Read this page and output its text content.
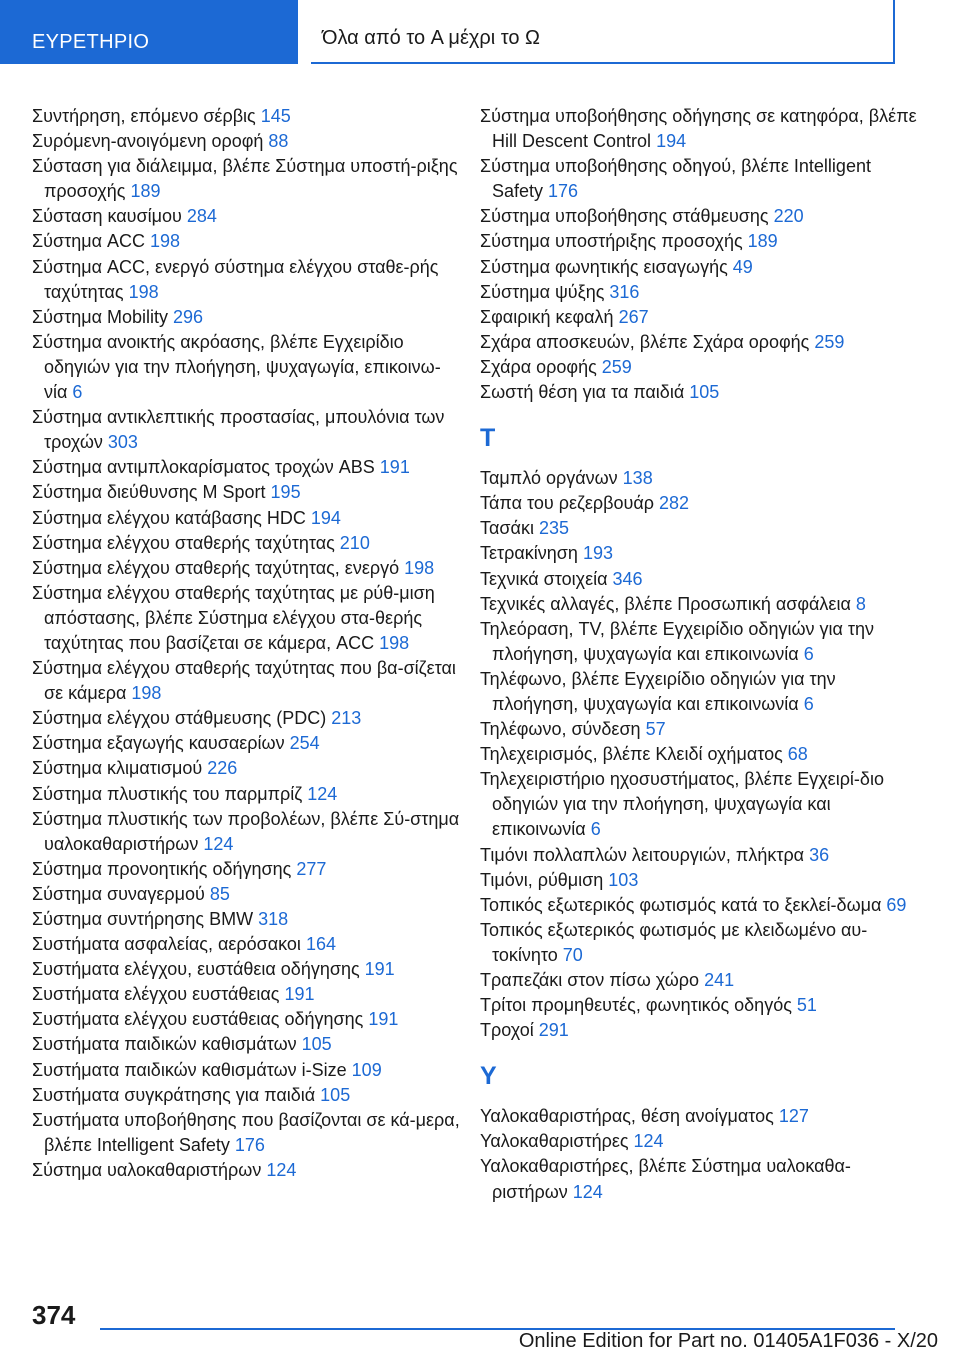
ΕΥΡΕΤΗΡΙΟ	Όλα από το A μέχρι το Ω

Συντήρηση, επόμενο σέρβις 145

Συρόμενη-ανοιγόμενη οροφή 88

Σύσταση για διάλειμμα, βλέπε Σύστημα υποστή‐ριξης προσοχής 189

Σύσταση καυσίμου 284

Σύστημα ACC 198

Σύστημα ACC, ενεργό σύστημα ελέγχου σταθε‐ρής ταχύτητας 198

Σύστημα Mobility 296

Σύστημα ανοικτής ακρόασης, βλέπε Εγχειρίδιο οδηγιών για την πλοήγηση, ψυχαγωγία, επικοινω‐νία 6

Σύστημα αντικλεπτικής προστασίας, μπουλόνια των τροχών 303

Σύστημα αντιμπλοκαρίσματος τροχών ABS 191

Σύστημα διεύθυνσης M Sport 195

Σύστημα ελέγχου κατάβασης HDC 194

Σύστημα ελέγχου σταθερής ταχύτητας 210

Σύστημα ελέγχου σταθερής ταχύτητας, ενεργό 198

Σύστημα ελέγχου σταθερής ταχύτητας με ρύθ‐μιση απόστασης, βλέπε Σύστημα ελέγχου στα‐θερής ταχύτητας που βασίζεται σε κάμερα, ACC 198

Σύστημα ελέγχου σταθερής ταχύτητας που βα‐σίζεται σε κάμερα 198

Σύστημα ελέγχου στάθμευσης (PDC) 213

Σύστημα εξαγωγής καυσαερίων 254

Σύστημα κλιματισμού 226

Σύστημα πλυστικής του παρμπρίζ 124

Σύστημα πλυστικής των προβολέων, βλέπε Σύ‐στημα υαλοκαθαριστήρων 124

Σύστημα προνοητικής οδήγησης 277

Σύστημα συναγερμού 85

Σύστημα συντήρησης BMW 318

Συστήματα ασφαλείας, αερόσακοι 164

Συστήματα ελέγχου, ευστάθεια οδήγησης 191

Συστήματα ελέγχου ευστάθειας 191

Συστήματα ελέγχου ευστάθειας οδήγησης 191

Συστήματα παιδικών καθισμάτων 105

Συστήματα παιδικών καθισμάτων i-Size 109

Συστήματα συγκράτησης για παιδιά 105

Συστήματα υποβοήθησης που βασίζονται σε κά‐μερα, βλέπε Intelligent Safety 176

Σύστημα υαλοκαθαριστήρων 124

Σύστημα υποβοήθησης οδήγησης σε κατηφόρα, βλέπε Hill Descent Control 194

Σύστημα υποβοήθησης οδηγού, βλέπε Intelligent Safety 176

Σύστημα υποβοήθησης στάθμευσης 220

Σύστημα υποστήριξης προσοχής 189

Σύστημα φωνητικής εισαγωγής 49

Σύστημα ψύξης 316

Σφαιρική κεφαλή 267

Σχάρα αποσκευών, βλέπε Σχάρα οροφής 259

Σχάρα οροφής 259

Σωστή θέση για τα παιδιά 105

T

Ταμπλό οργάνων 138

Τάπα του ρεζερβουάρ 282

Τασάκι 235

Τετρακίνηση 193

Τεχνικά στοιχεία 346

Τεχνικές αλλαγές, βλέπε Προσωπική ασφάλεια 8

Τηλεόραση, TV, βλέπε Εγχειρίδιο οδηγιών για την πλοήγηση, ψυχαγωγία και επικοινωνία 6

Τηλέφωνο, βλέπε Εγχειρίδιο οδηγιών για την πλοήγηση, ψυχαγωγία και επικοινωνία 6

Τηλέφωνο, σύνδεση 57

Τηλεχειρισμός, βλέπε Κλειδί οχήματος 68

Τηλεχειριστήριο ηχοσυστήματος, βλέπε Εγχειρί‐διο οδηγιών για την πλοήγηση, ψυχαγωγία και επικοινωνία 6

Τιμόνι πολλαπλών λειτουργιών, πλήκτρα 36

Τιμόνι, ρύθμιση 103

Τοπικός εξωτερικός φωτισμός κατά το ξεκλεί‐δωμα 69

Τοπικός εξωτερικός φωτισμός με κλειδωμένο αυ‐τοκίνητο 70

Τραπεζάκι στον πίσω χώρο 241

Τρίτοι προμηθευτές, φωνητικός οδηγός 51

Τροχοί 291

Y

Υαλοκαθαριστήρας, θέση ανοίγματος 127

Υαλοκαθαριστήρες 124

Υαλοκαθαριστήρες, βλέπε Σύστημα υαλοκαθα‐ριστήρων 124

374
Online Edition for Part no. 01405A1F036 - X/20
